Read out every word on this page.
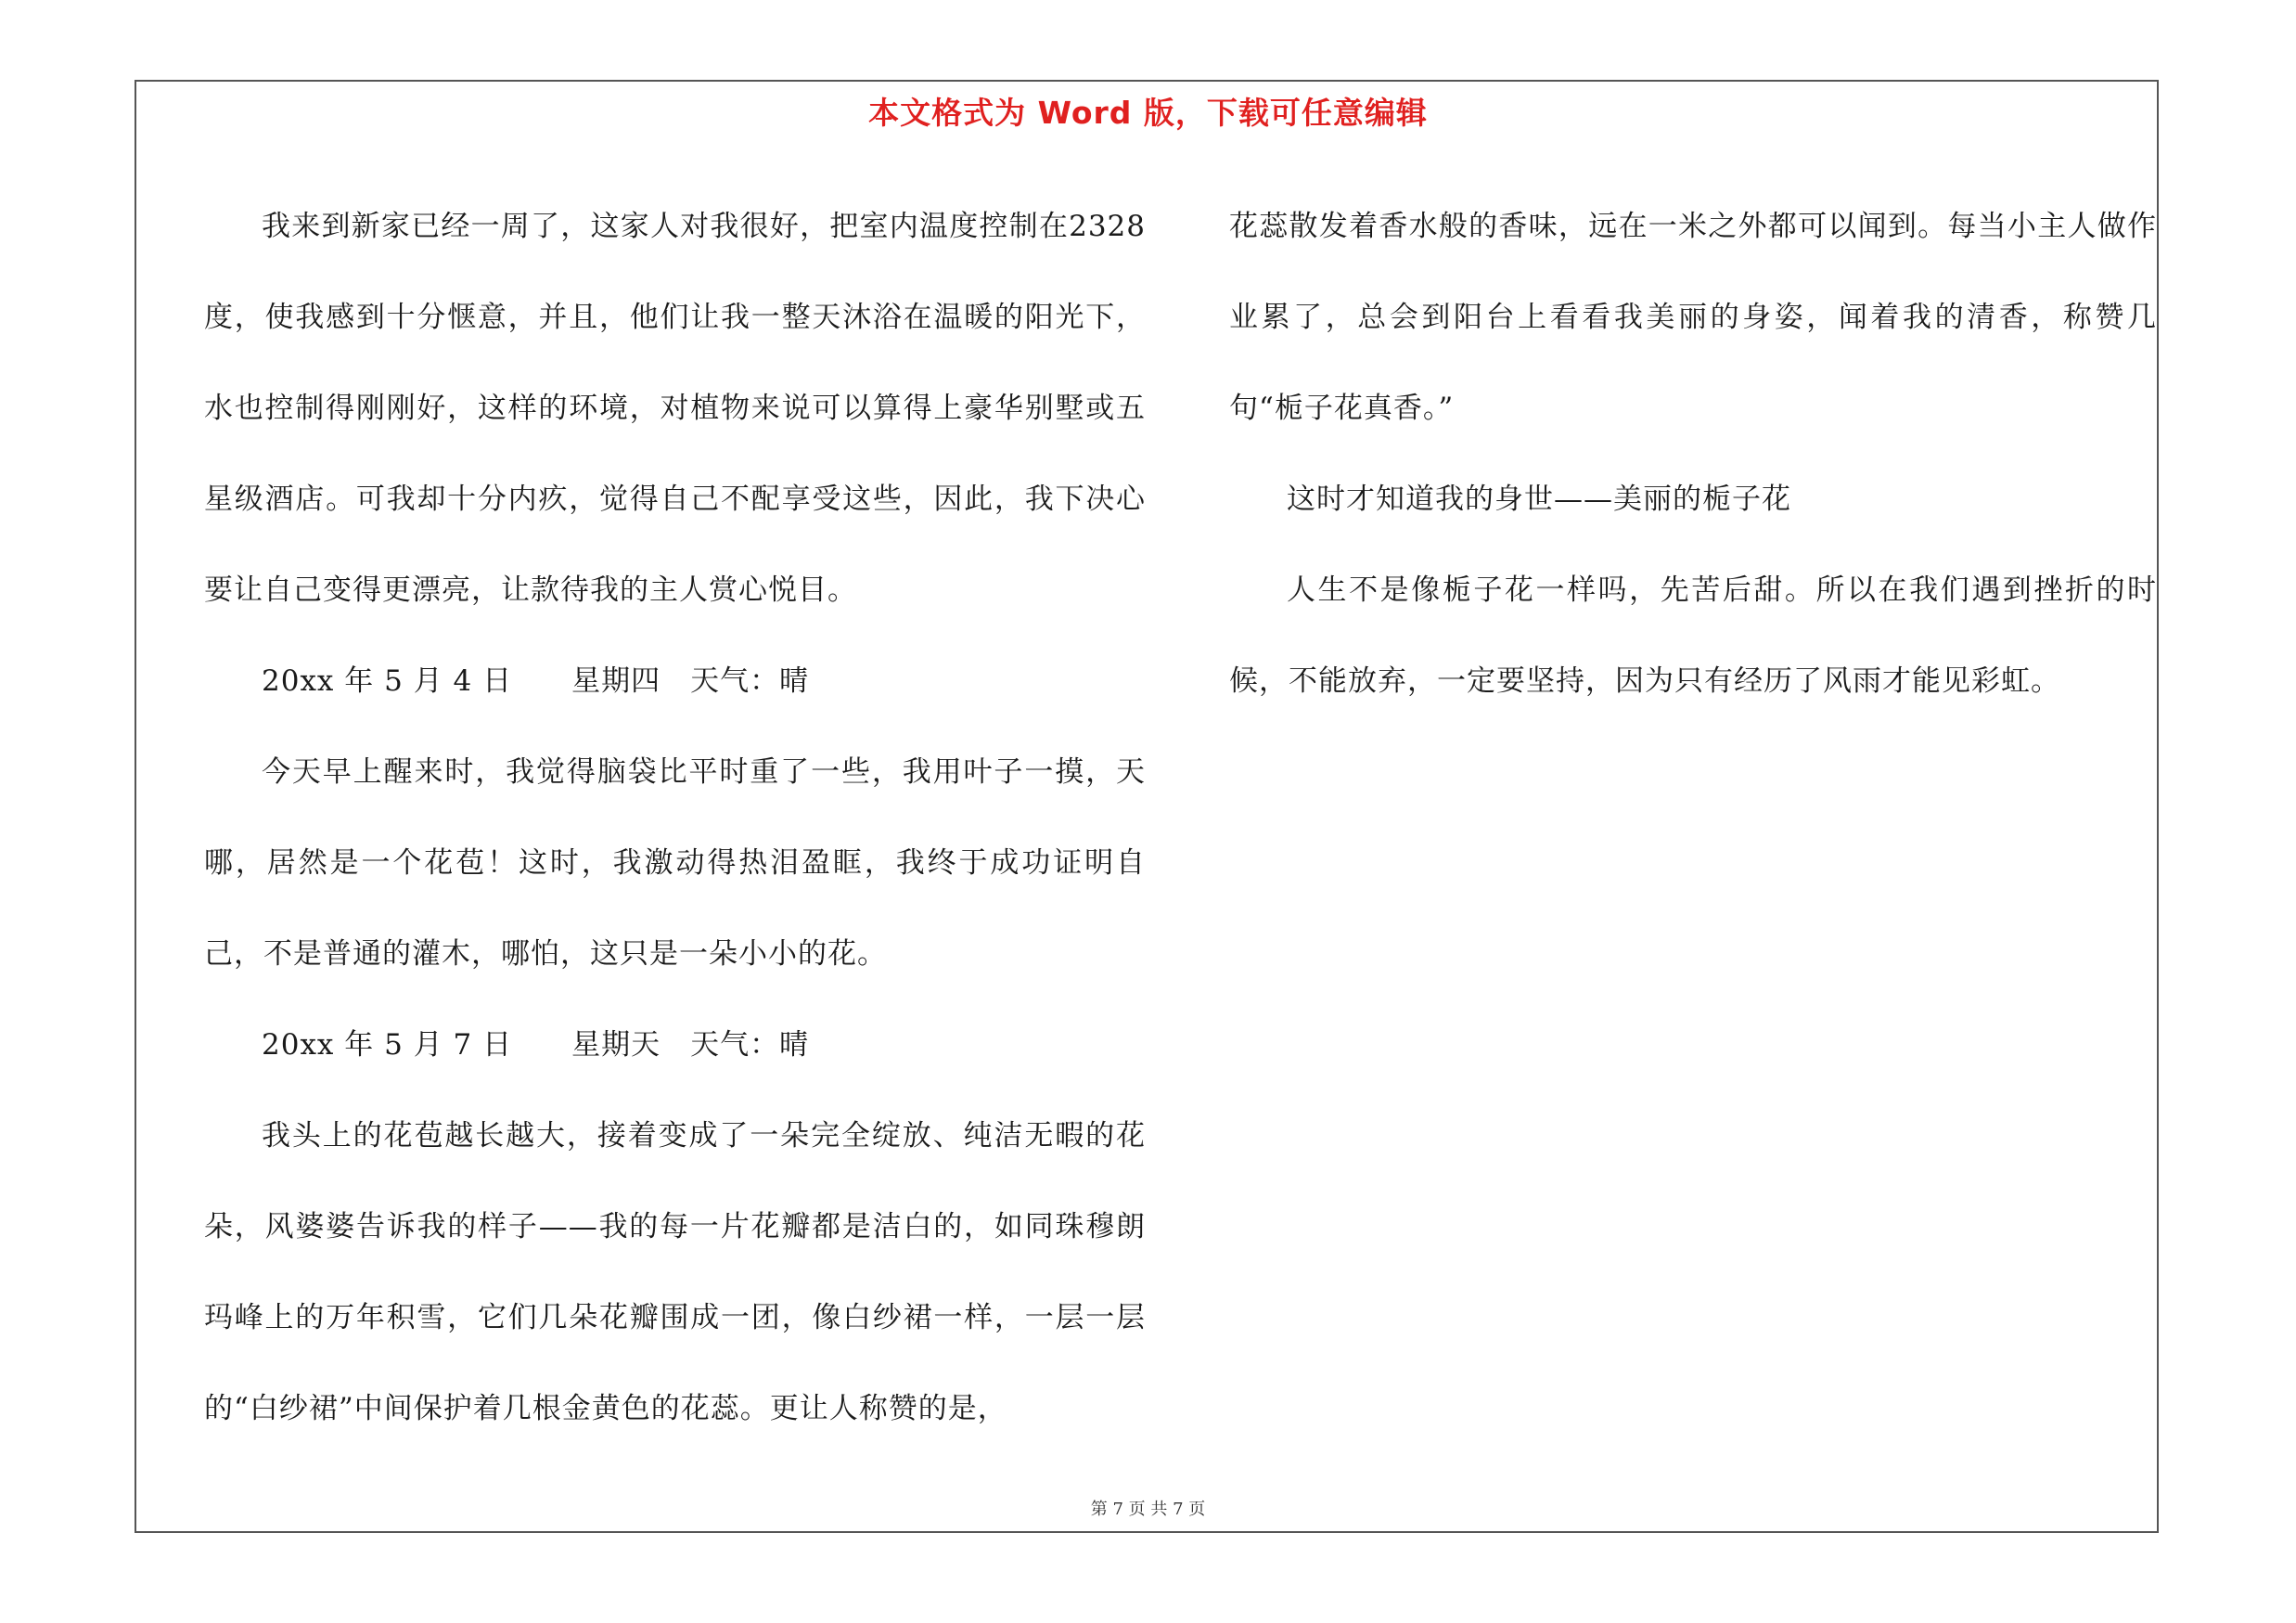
本文格式为 Word 版，下载可任意编辑

我来到新家已经一周了，这家人对我很好，把室内温度控制在2328度，使我感到十分惬意，并且，他们让我一整天沐浴在温暖的阳光下，水也控制得刚刚好，这样的环境，对植物来说可以算得上豪华别墅或五星级酒店。可我却十分内疚，觉得自己不配享受这些，因此，我下决心要让自己变得更漂亮，让款待我的主人赏心悦目。

20xx 年 5 月 4 日　　星期四　天气：晴

今天早上醒来时，我觉得脑袋比平时重了一些，我用叶子一摸，天哪，居然是一个花苞！这时，我激动得热泪盈眶，我终于成功证明自己，不是普通的灌木，哪怕，这只是一朵小小的花。

20xx 年 5 月 7 日　　星期天　天气：晴

我头上的花苞越长越大，接着变成了一朵完全绽放、纯洁无暇的花朵，风婆婆告诉我的样子——我的每一片花瓣都是洁白的，如同珠穆朗玛峰上的万年积雪，它们几朵花瓣围成一团，像白纱裙一样，一层一层的“白纱裙”中间保护着几根金黄色的花蕊。更让人称赞的是，

花蕊散发着香水般的香味，远在一米之外都可以闻到。每当小主人做作业累了，总会到阳台上看看我美丽的身姿，闻着我的清香，称赞几句“栀子花真香。”

这时才知道我的身世——美丽的栀子花

人生不是像栀子花一样吗，先苦后甜。所以在我们遇到挫折的时候，不能放弃，一定要坚持，因为只有经历了风雨才能见彩虹。

第 7 页 共 7 页
